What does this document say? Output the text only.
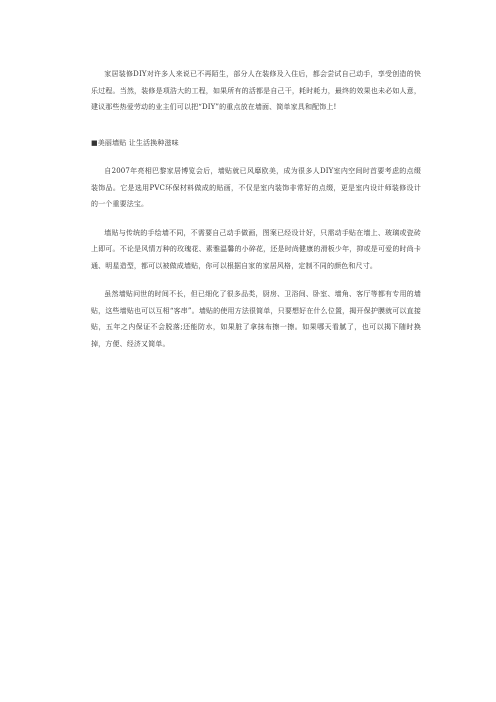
家居装修DIY对许多人来说已不再陌生，部分人在装修及入住后，都会尝试自己动手，享受创造的快乐过程。当然，装修是项浩大的工程，如果所有的活都是自己干，耗时耗力，最终的效果也未必如人意，建议那些热爱劳动的业主们可以把“DIY”的重点放在墙面、简单家具和配饰上!

■美丽墙贴 让生活换种滋味

自2007年亮相巴黎家居博览会后，墙贴就已风靡欧美，成为很多人DIY室内空间时首要考虑的点缀装饰品。它是选用PVC环保材料做成的贴画，不仅是室内装饰非常好的点缀，更是室内设计师装修设计的一个重要法宝。

墙贴与传统的手绘墙不同，不需要自己动手做画，图案已经设计好，只需动手贴在墙上、玻璃或瓷砖上即可。不论是风情万种的玫瑰花、素雅温馨的小碎花，还是时尚健康的滑板少年，抑或是可爱的时尚卡通、明星造型，都可以被做成墙贴，你可以根据自家的家居风格，定制不同的颜色和尺寸。

虽然墙贴问世的时间不长，但已细化了很多品类，厨房、卫浴间、卧室、墙角、客厅等都有专用的墙贴，这些墙贴也可以互相“客串”。墙贴的使用方法很简单，只要想好在什么位置，揭开保护膜就可以直接贴，五年之内保证不会脱落;还能防水，如果脏了拿抹布擦一擦。如果哪天看腻了，也可以揭下随时换掉，方便、经济又简单。
